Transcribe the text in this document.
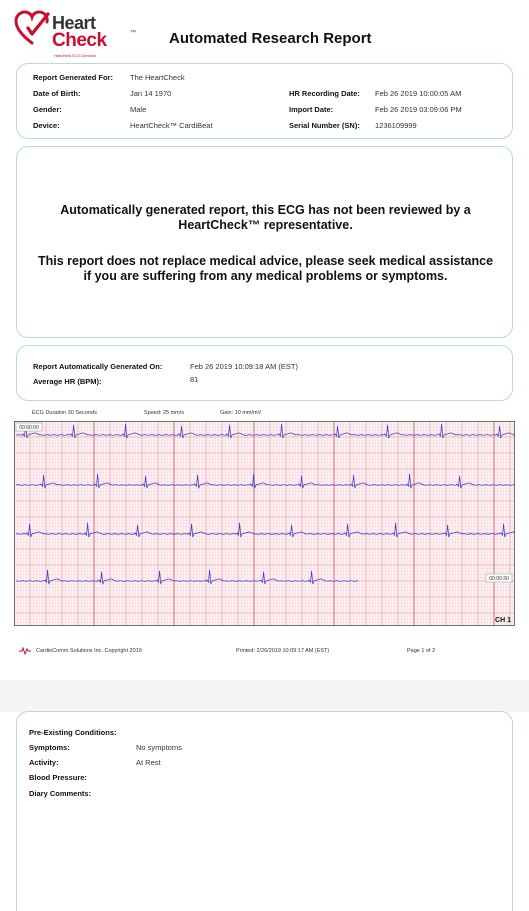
Heart
Check	™
Handheld ECG Devices
Automated Research Report
Report Generated For: The HeartCheck
Date of Birth:	Jan 14 1970
Gender:	Male
Device:	HeartCheck™ CardiBeat
HR Recording Date: Feb 26 2019 10:00:05 AM
Import Date:	Feb 26 2019 03:09:06 PM
Serial Number (SN): 1236109999
Automatically generated report, this ECG has not been reviewed by a HeartCheck™ representative.
This report does not replace medical advice, please seek medical assistance if you are suffering from any medical problems or symptoms.
Report Automatically Generated On:	Feb 26 2019 10:09:18 AM (EST)
Average HR (BPM):	81
ECG Duration 30 Seconds	Speed: 25 mm/s	Gain: 10 mm/mV
00:00:00
00:00:30
CH 1
CardioComm Solutions Inc. Copyright 2019	Printed: 2/26/2019 10:09:17 AM (EST)	Page 1 of 2
Pre-Existing Conditions:
Symptoms:	No symptoms
Activity:	At Rest
Blood Pressure:
Diary Comments:
